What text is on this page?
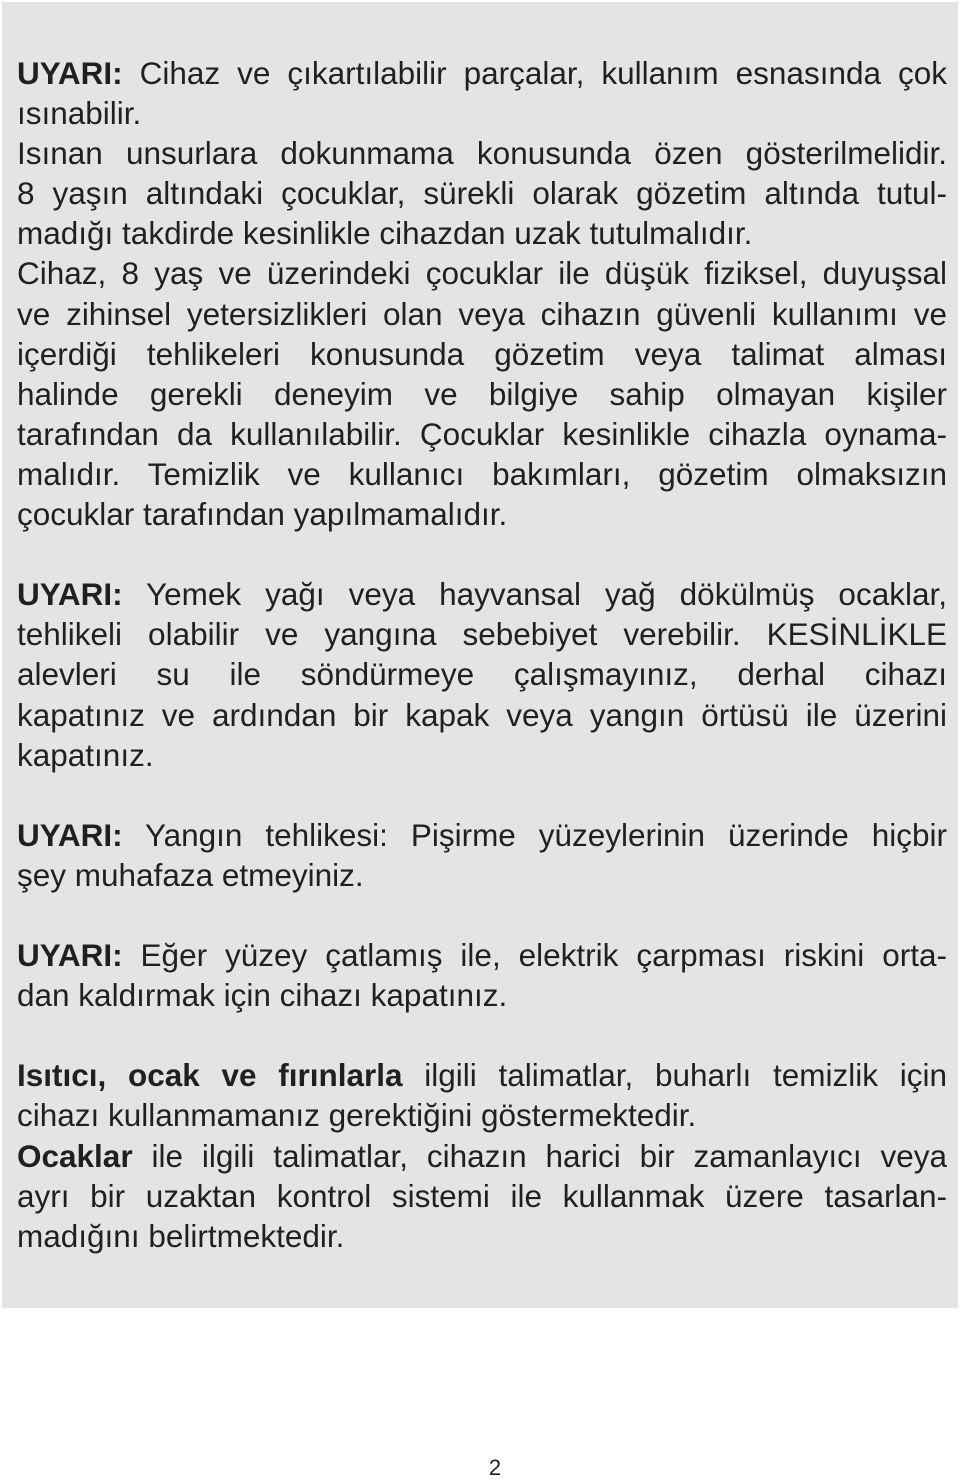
UYARI: Cihaz ve çıkartılabilir parçalar, kullanım esnasında çok
ısınabilir.
Isınan unsurlara dokunmama konusunda özen gösterilmelidir.
8 yaşın altındaki çocuklar, sürekli olarak gözetim altında tutul-
madığı takdirde kesinlikle cihazdan uzak tutulmalıdır.
Cihaz, 8 yaş ve üzerindeki çocuklar ile düşük fiziksel, duyuşsal
ve zihinsel yetersizlikleri olan veya cihazın güvenli kullanımı ve
içerdiği tehlikeleri konusunda gözetim veya talimat alması
halinde gerekli deneyim ve bilgiye sahip olmayan kişiler
tarafından da kullanılabilir. Çocuklar kesinlikle cihazla oynama-
malıdır. Temizlik ve kullanıcı bakımları, gözetim olmaksızın
çocuklar tarafından yapılmamalıdır.

UYARI: Yemek yağı veya hayvansal yağ dökülmüş ocaklar,
tehlikeli olabilir ve yangına sebebiyet verebilir. KESİNLİKLE
alevleri su ile söndürmeye çalışmayınız, derhal cihazı
kapatınız ve ardından bir kapak veya yangın örtüsü ile üzerini
kapatınız.

UYARI: Yangın tehlikesi: Pişirme yüzeylerinin üzerinde hiçbir
şey muhafaza etmeyiniz.

UYARI: Eğer yüzey çatlamış ile, elektrik çarpması riskini orta-
dan kaldırmak için cihazı kapatınız.

Isıtıcı, ocak ve fırınlarla ilgili talimatlar, buharlı temizlik için
cihazı kullanmamanız gerektiğini göstermektedir.
Ocaklar ile ilgili talimatlar, cihazın harici bir zamanlayıcı veya
ayrı bir uzaktan kontrol sistemi ile kullanmak üzere tasarlan-
madığını belirtmektedir.

2
